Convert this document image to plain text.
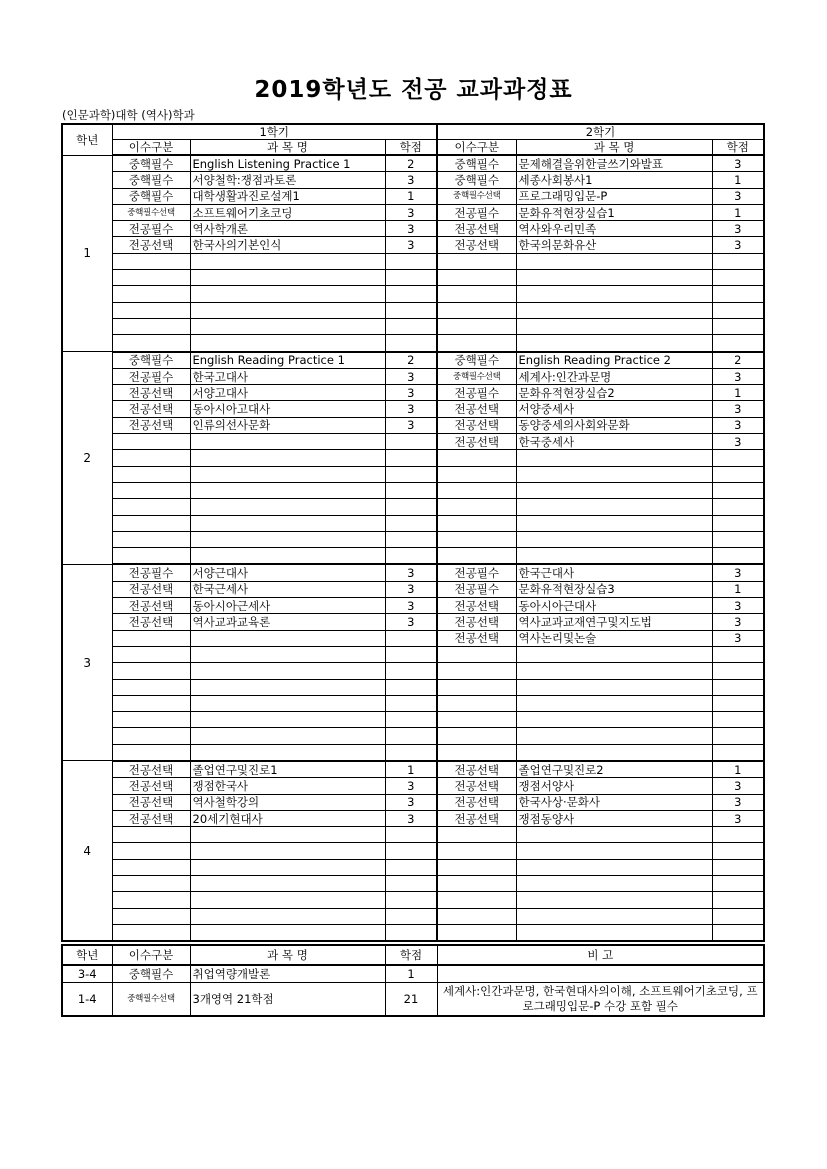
2019학년도 전공 교과과정표
(인문과학)대학 (역사)학과
학년	1학기			2학기		
	이수구분	과 목 명	학점	이수구분	과 목 명	학점
1	중핵필수	English Listening Practice 1	2	중핵필수	문제해결을위한글쓰기와발표	3
	중핵필수	서양철학:쟁점과토론	3	중핵필수	세종사회봉사1	1
	중핵필수	대학생활과진로설계1	1	중핵필수선택	프로그래밍입문-P	3
	중핵필수선택	소프트웨어기초코딩	3	전공필수	문화유적현장실습1	1
	전공필수	역사학개론	3	전공선택	역사와우리민족	3
	전공선택	한국사의기본인식	3	전공선택	한국의문화유산	3

2	중핵필수	English Reading Practice 1	2	중핵필수	English Reading Practice 2	2
	전공필수	한국고대사	3	중핵필수선택	세계사:인간과문명	3
	전공선택	서양고대사	3	전공필수	문화유적현장실습2	1
	전공선택	동아시아고대사	3	전공선택	서양중세사	3
	전공선택	인류의선사문화	3	전공선택	동양중세의사회와문화	3
				전공선택	한국중세사	3

3	전공필수	서양근대사	3	전공필수	한국근대사	3
	전공선택	한국근세사	3	전공필수	문화유적현장실습3	1
	전공선택	동아시아근세사	3	전공선택	동아시아근대사	3
	전공선택	역사교과교육론	3	전공선택	역사교과교재연구및지도법	3
				전공선택	역사논리및논술	3

4	전공선택	졸업연구및진로1	1	전공선택	졸업연구및진로2	1
	전공선택	쟁점한국사	3	전공선택	쟁점서양사	3
	전공선택	역사철학강의	3	전공선택	한국사상·문화사	3
	전공선택	20세기현대사	3	전공선택	쟁점동양사	3

학년	이수구분	과 목 명	학점	비 고
3-4	중핵필수	취업역량개발론	1	
1-4	중핵필수선택	3개영역 21학점	21	세계사:인간과문명, 한국현대사의이해, 소프트웨어기초코딩, 프로그래밍입문-P 수강 포함 필수
